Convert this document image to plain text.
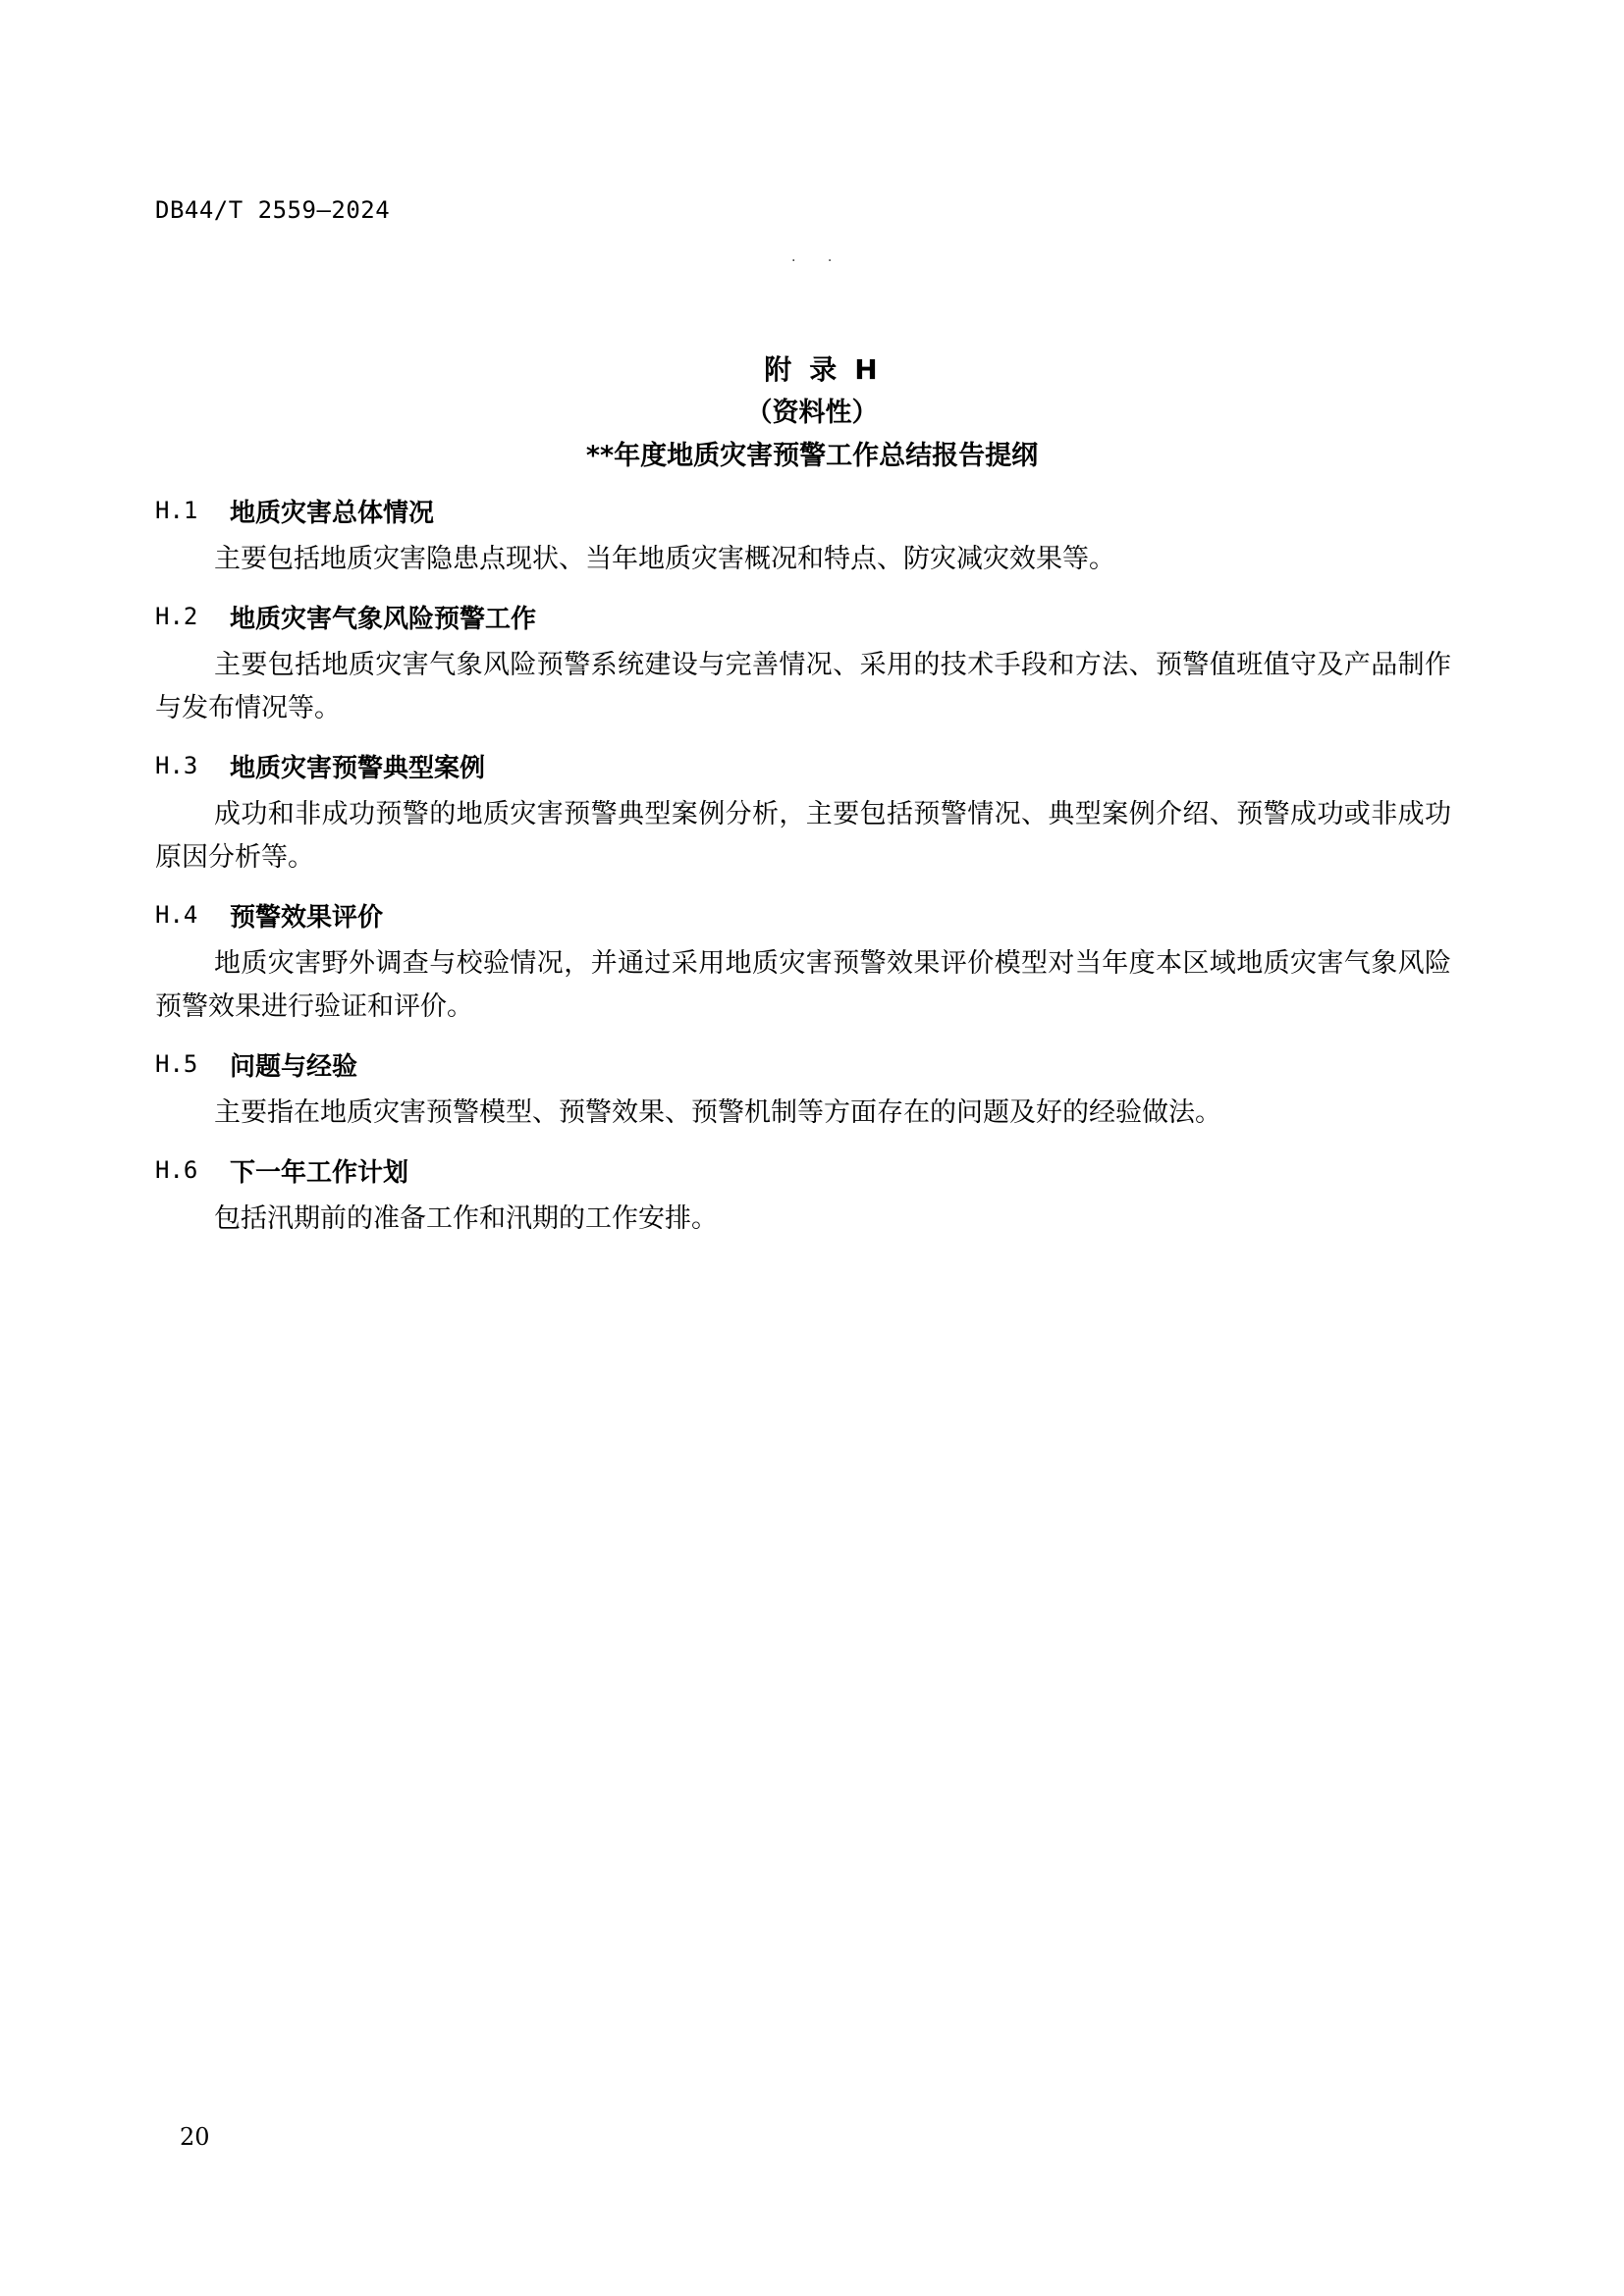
DB44/T 2559—2024
· ·
附录H
（资料性）
**年度地质灾害预警工作总结报告提纲
H.1	地质灾害总体情况

主要包括地质灾害隐患点现状、当年地质灾害概况和特点、防灾减灾效果等。

H.2	地质灾害气象风险预警工作

主要包括地质灾害气象风险预警系统建设与完善情况、采用的技术手段和方法、预警值班值守及产品制作与发布情况等。

H.3	地质灾害预警典型案例

成功和非成功预警的地质灾害预警典型案例分析，主要包括预警情况、典型案例介绍、预警成功或非成功原因分析等。

H.4	预警效果评价

地质灾害野外调查与校验情况，并通过采用地质灾害预警效果评价模型对当年度本区域地质灾害气象风险预警效果进行验证和评价。

H.5	问题与经验

主要指在地质灾害预警模型、预警效果、预警机制等方面存在的问题及好的经验做法。

H.6	下一年工作计划

包括汛期前的准备工作和汛期的工作安排。

20
